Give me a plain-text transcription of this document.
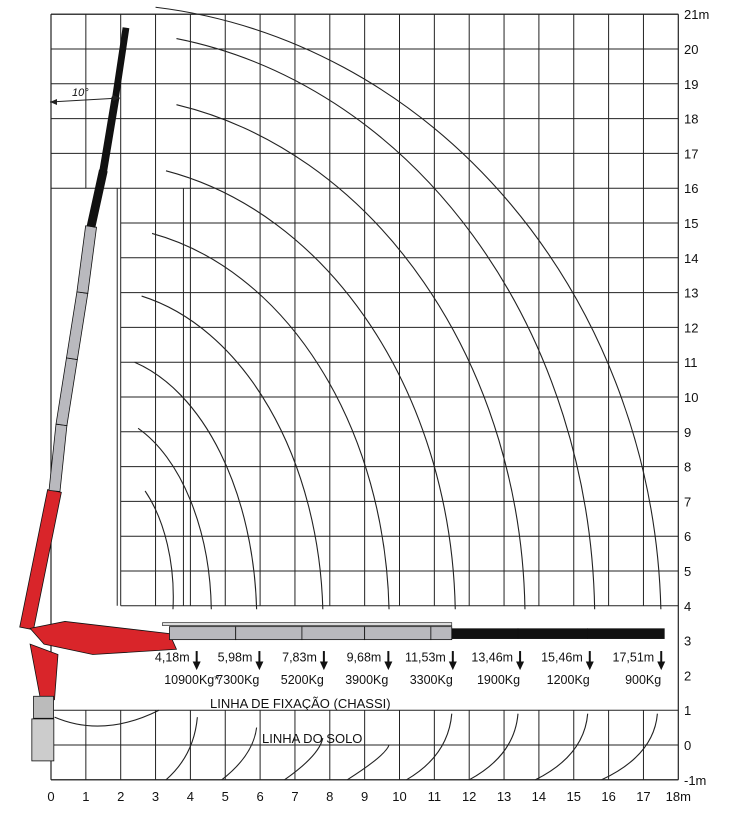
10°
0 1 2 3 4 5 6 7 8 9 10 11 12 13 14 15 16 17 18m
21m
20
19
18
17
16
15
14
13
12
11
10
9
8
7
6
5
4
3
2
1
0
-1m
4,18m
10900Kg*
5,98m
7300Kg
7,83m
5200Kg
9,68m
3900Kg
11,53m
3300Kg
13,46m
1900Kg
15,46m
1200Kg
17,51m
900Kg
LINHA DE FIXAÇÃO (CHASSI)
LINHA DO SOLO
